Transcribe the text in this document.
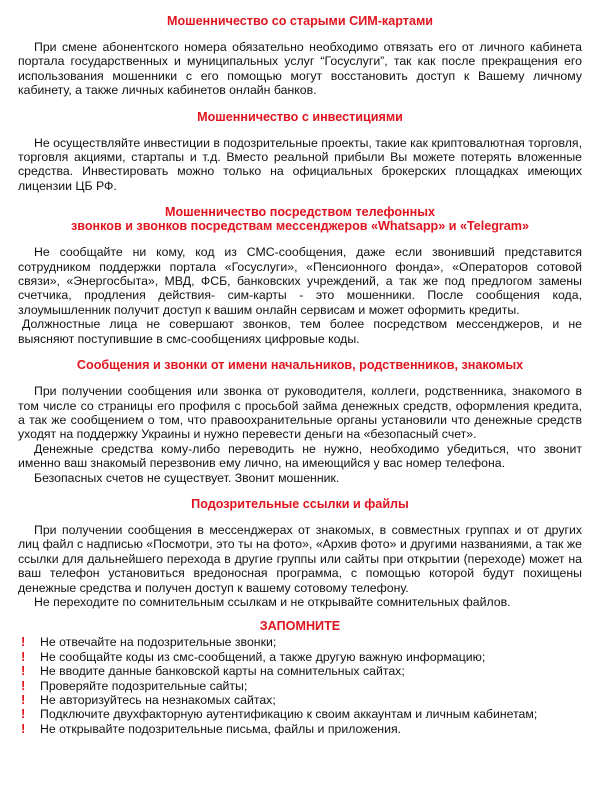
Мошенничество со старыми СИМ-картами

При смене абонентского номера обязательно необходимо отвязать его от личного кабинета портала государственных и муниципальных услуг “Госуслуги”, так как после прекращения его использования мошенники с его помощью могут восстановить доступ к Вашему личному кабинету, а также личных кабинетов онлайн банков.

Мошенничество с инвестициями

Не осуществляйте инвестиции в подозрительные проекты, такие как криптовалютная торговля, торговля акциями, стартапы и т.д. Вместо реальной прибыли Вы можете потерять вложенные средства. Инвестировать можно только на официальных брокерских площадках имеющих лицензии ЦБ РФ.

Мошенничество посредством телефонных
звонков и звонков посредствам мессенджеров «Whatsapp» и «Telegram»

Не сообщайте ни кому, код из СМС-сообщения, даже если звонивший представится сотрудником поддержки портала «Госуслуги», «Пенсионного фонда», «Операторов сотовой связи», «Энергосбыта», МВД, ФСБ, банковских учреждений, а так же под предлогом замены счетчика, продления действия- сим-карты - это мошенники. После сообщения кода, злоумышленник получит доступ к вашим онлайн сервисам и может оформить кредиты.

Должностные лица не совершают звонков, тем более посредством мессенджеров, и не выясняют поступившие в смс-сообщениях цифровые коды.

Сообщения и звонки от имени начальников, родственников, знакомых

При получении сообщения или звонка от руководителя, коллеги, родственника, знакомого в том числе со страницы его профиля с просьбой займа денежных средств, оформления кредита, а так же сообщением о том, что правоохранительные органы установили что денежные средств уходят на поддержку Украины и нужно перевести деньги на «безопасный счет».

Денежные средства кому-либо переводить не нужно, необходимо убедиться, что звонит именно ваш знакомый перезвонив ему лично, на имеющийся у вас номер телефона.

Безопасных счетов не существует. Звонит мошенник.

Подозрительные ссылки и файлы

При получении сообщения в мессенджерах от знакомых, в совместных группах и от других лиц файл с надписью «Посмотри, это ты на фото», «Архив фото» и другими названиями, а так же ссылки для дальнейшего перехода в другие группы или сайты при открытии (переходе) может на ваш телефон установиться вредоносная программа, с помощью которой будут похищены денежные средства и получен доступ к вашему сотовому телефону.

Не переходите по сомнительным ссылкам и не открывайте сомнительных файлов.

ЗАПОМНИТЕ
! Не отвечайте на подозрительные звонки;
! Не сообщайте коды из смс-сообщений, а также другую важную информацию;
! Не вводите данные банковской карты на сомнительных сайтах;
! Проверяйте подозрительные сайты;
! Не авторизуйтесь на незнакомых сайтах;
! Подключите двухфакторную аутентификацию к своим аккаунтам и личным кабинетам;
! Не открывайте подозрительные письма, файлы и приложения.
